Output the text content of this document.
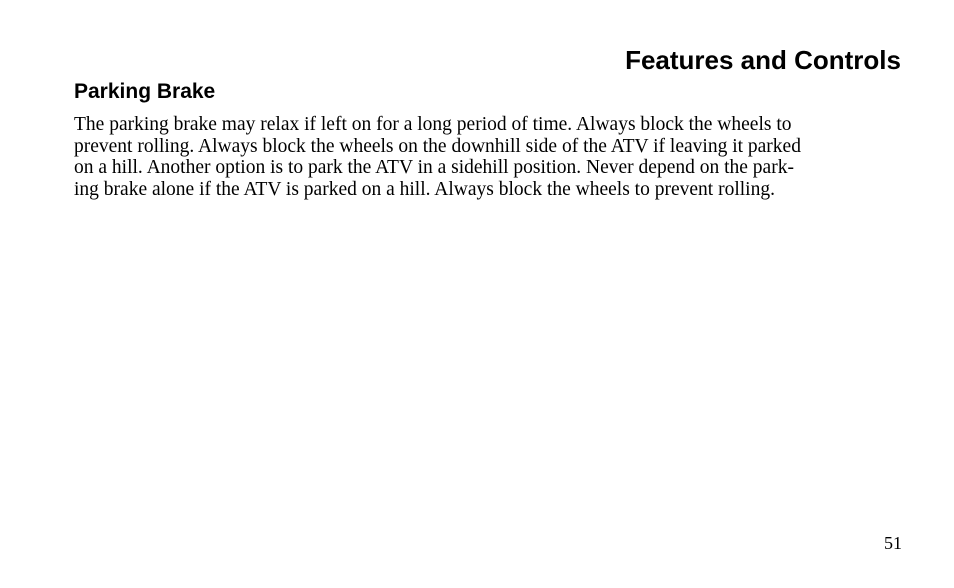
Features and Controls
Parking Brake
The parking brake may relax if left on for a long period of time. Always block the wheels to
prevent rolling. Always block the wheels on the downhill side of the ATV if leaving it parked
on a hill. Another option is to park the ATV in a sidehill position. Never depend on the park-
ing brake alone if the ATV is parked on a hill. Always block the wheels to prevent rolling.
51
